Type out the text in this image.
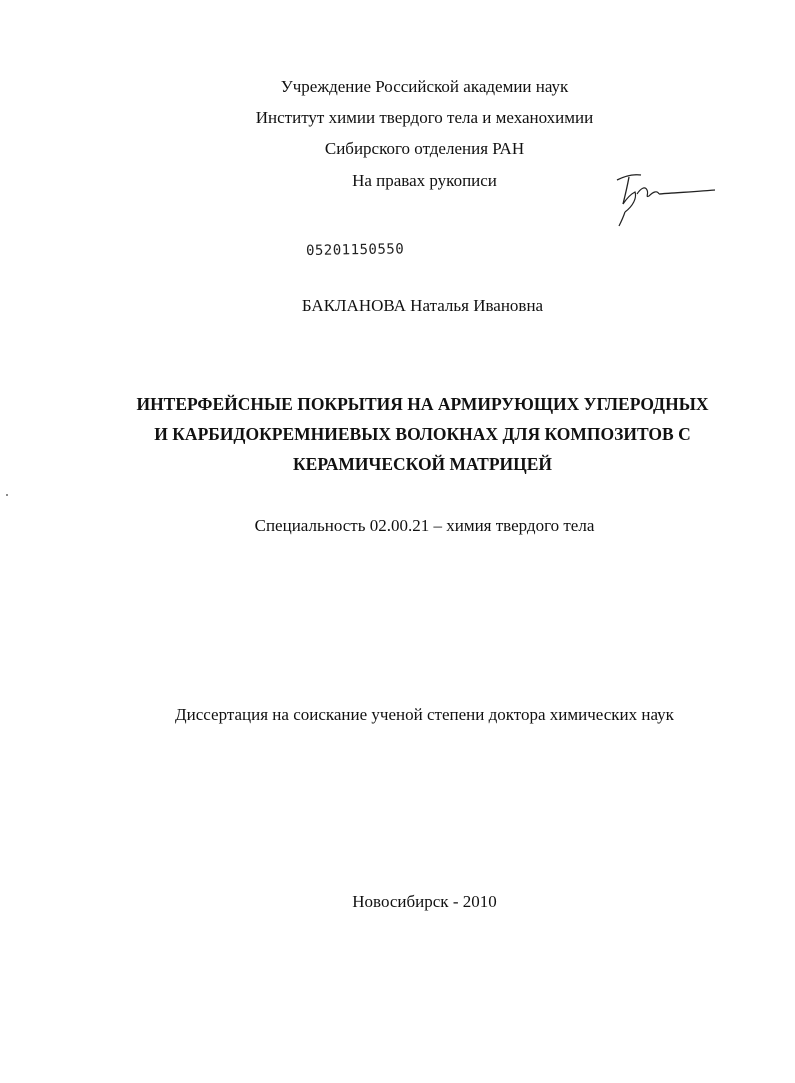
Учреждение Российской академии наук
Институт химии твердого тела и механохимии
Сибирского отделения РАН
На правах рукописи
05201150550
БАКЛАНОВА Наталья Ивановна
ИНТЕРФЕЙСНЫЕ ПОКРЫТИЯ НА АРМИРУЮЩИХ УГЛЕРОДНЫХ
И КАРБИДОКРЕМНИЕВЫХ ВОЛОКНАХ ДЛЯ КОМПОЗИТОВ С
КЕРАМИЧЕСКОЙ МАТРИЦЕЙ
Специальность 02.00.21 – химия твердого тела
Диссертация на соискание ученой степени доктора химических наук
Новосибирск - 2010
